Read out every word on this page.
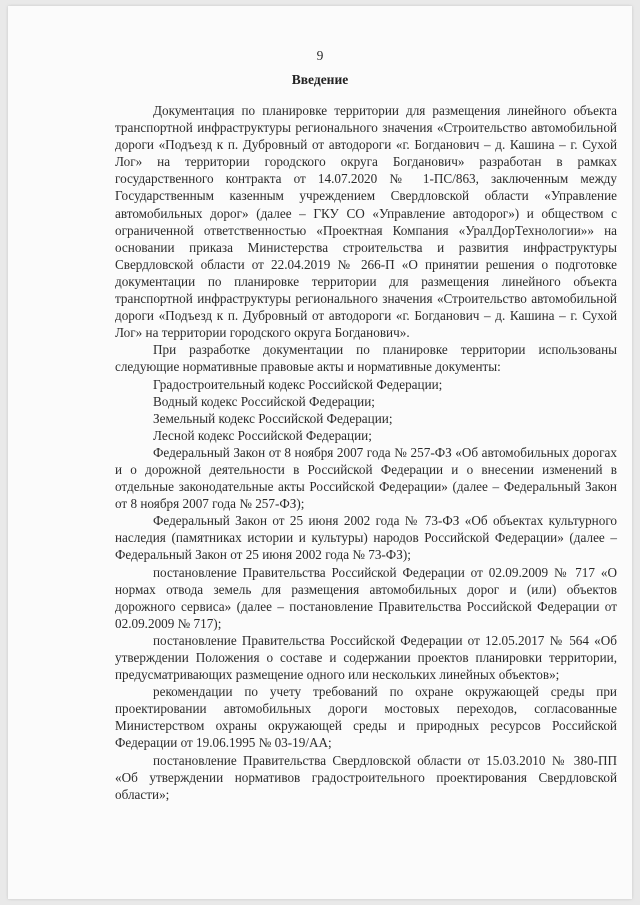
9
Введение

Документация по планировке территории для размещения линейного объекта транспортной инфраструктуры регионального значения «Строительство автомобильной дороги «Подъезд к п. Дубровный от автодороги «г. Богданович – д. Кашина – г. Сухой Лог» на территории городского округа Богданович» разработан в рамках государственного контракта от 14.07.2020 № 1-ПС/863, заключенным между Государственным казенным учреждением Свердловской области «Управление автомобильных дорог» (далее – ГКУ СО «Управление автодорог») и обществом с ограниченной ответственностью «Проектная Компания «УралДорТехнологии»» на основании приказа Министерства строительства и развития инфраструктуры Свердловской области от 22.04.2019 № 266-П «О принятии решения о подготовке документации по планировке территории для размещения линейного объекта транспортной инфраструктуры регионального значения «Строительство автомобильной дороги «Подъезд к п. Дубровный от автодороги «г. Богданович – д. Кашина – г. Сухой Лог» на территории городского округа Богданович».

При разработке документации по планировке территории использованы следующие нормативные правовые акты и нормативные документы:

Градостроительный кодекс Российской Федерации;

Водный кодекс Российской Федерации;

Земельный кодекс Российской Федерации;

Лесной кодекс Российской Федерации;

Федеральный Закон от 8 ноября 2007 года № 257-ФЗ «Об автомобильных дорогах и о дорожной деятельности в Российской Федерации и о внесении изменений в отдельные законодательные акты Российской Федерации» (далее – Федеральный Закон от 8 ноября 2007 года № 257-ФЗ);

Федеральный Закон от 25 июня 2002 года № 73-ФЗ «Об объектах культурного наследия (памятниках истории и культуры) народов Российской Федерации» (далее – Федеральный Закон от 25 июня 2002 года № 73-ФЗ);

постановление Правительства Российской Федерации от 02.09.2009 № 717 «О нормах отвода земель для размещения автомобильных дорог и (или) объектов дорожного сервиса» (далее – постановление Правительства Российской Федерации от 02.09.2009 № 717);

постановление Правительства Российской Федерации от 12.05.2017 № 564 «Об утверждении Положения о составе и содержании проектов планировки территории, предусматривающих размещение одного или нескольких линейных объектов»;

рекомендации по учету требований по охране окружающей среды при проектировании автомобильных дороги мостовых переходов, согласованные Министерством охраны окружающей среды и природных ресурсов Российской Федерации от 19.06.1995 № 03-19/АА;

постановление Правительства Свердловской области от 15.03.2010 № 380-ПП «Об утверждении нормативов градостроительного проектирования Свердловской области»;
